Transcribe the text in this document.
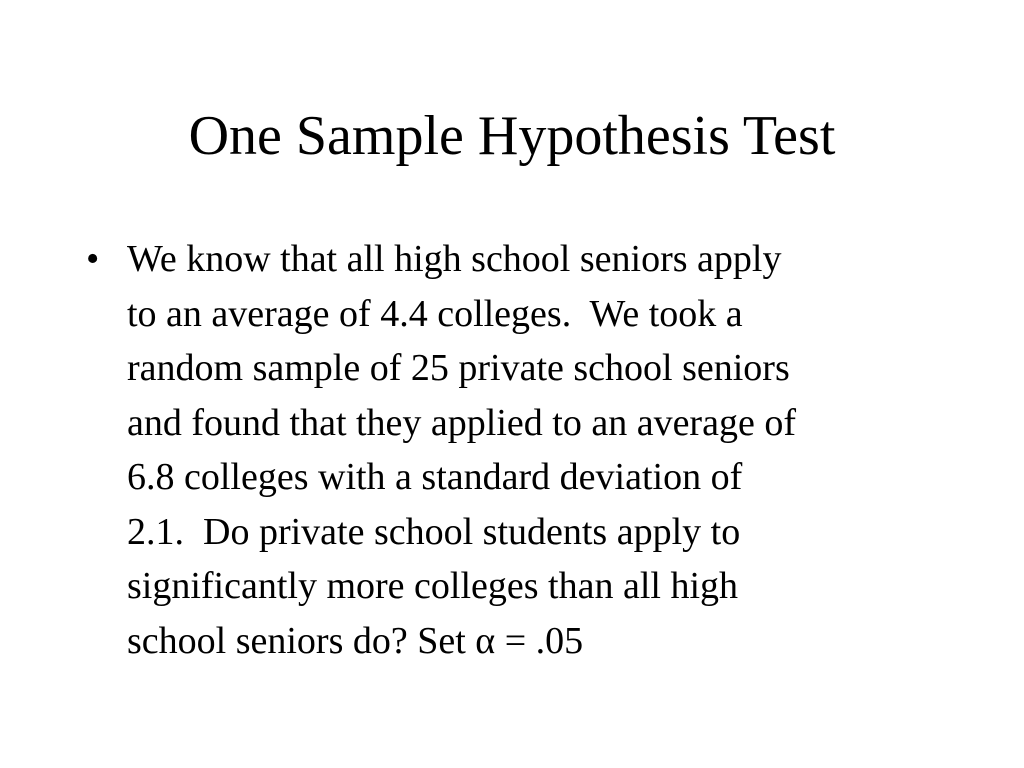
One Sample Hypothesis Test
• We know that all high school seniors apply
to an average of 4.4 colleges.  We took a
random sample of 25 private school seniors
and found that they applied to an average of
6.8 colleges with a standard deviation of
2.1.  Do private school students apply to
significantly more colleges than all high
school seniors do? Set α = .05
